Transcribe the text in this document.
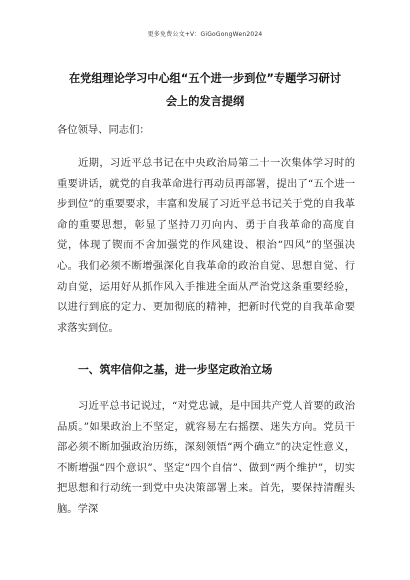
更多免费公文+V：GiGoGongWen2024
在党组理论学习中心组“五个进一步到位”专题学习研讨
会上的发言提纲
各位领导、同志们：
近期，习近平总书记在中央政治局第二十一次集体学习时的重要讲话，就党的自我革命进行再动员再部署，提出了“五个进一步到位”的重要要求，丰富和发展了习近平总书记关于党的自我革命的重要思想，彰显了坚持刀刃向内、勇于自我革命的高度自觉，体现了锲而不舍加强党的作风建设、根治“四风”的坚强决心。我们必须不断增强深化自我革命的政治自觉、思想自觉、行动自觉，运用好从抓作风入手推进全面从严治党这条重要经验，以进行到底的定力、更加彻底的精神，把新时代党的自我革命要求落实到位。
一、筑牢信仰之基，进一步坚定政治立场
习近平总书记说过，“对党忠诚，是中国共产党人首要的政治品质。”如果政治上不坚定，就容易左右摇摆、迷失方向。党员干部必须不断加强政治历练，深刻领悟“两个确立”的决定性意义，不断增强“四个意识”、坚定“四个自信”、做到“两个维护”，切实把思想和行动统一到党中央决策部署上来。首先，要保持清醒头脑。学深
